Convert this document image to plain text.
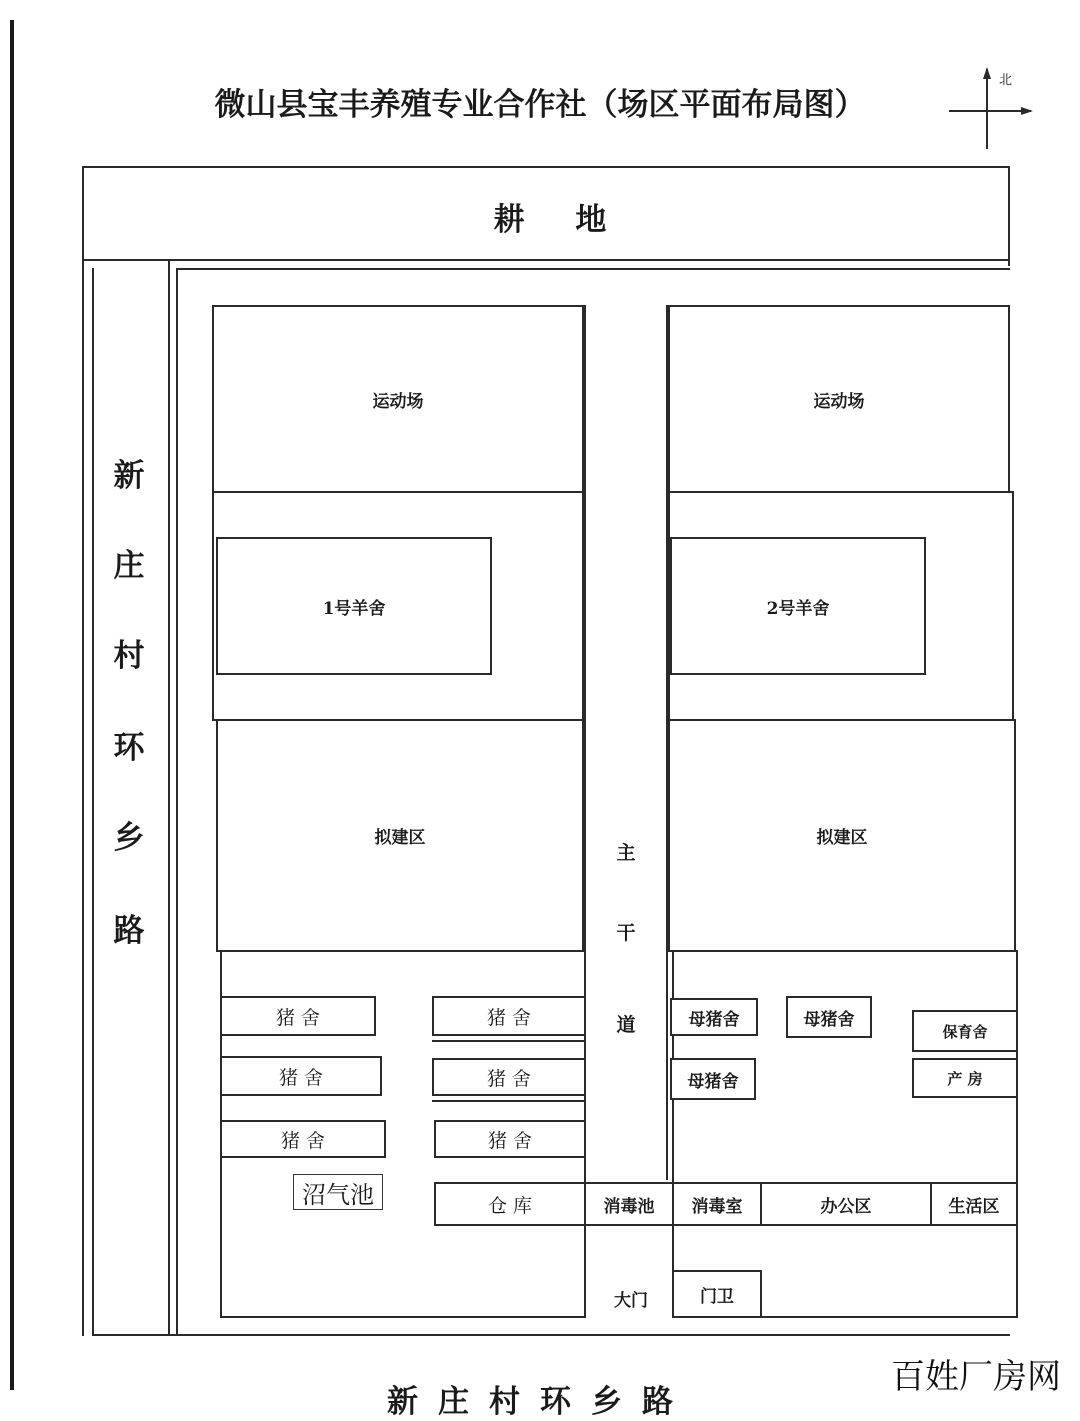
微山县宝丰养殖专业合作社（场区平面布局图）
北
耕 地
新
庄
村
环
乡
路
新庄村环乡路
运动场
1号羊舍
拟建区
猪 舍
猪 舍
猪 舍
猪 舍
猪 舍
猪 舍
沼气池	仓 库
主
干
道
消毒池
大门
运动场
2号羊舍
拟建区
母猪舍	母猪舍
母猪舍
保育舍
产 房
消毒室	办公区	生活区
门卫
百姓厂房网
